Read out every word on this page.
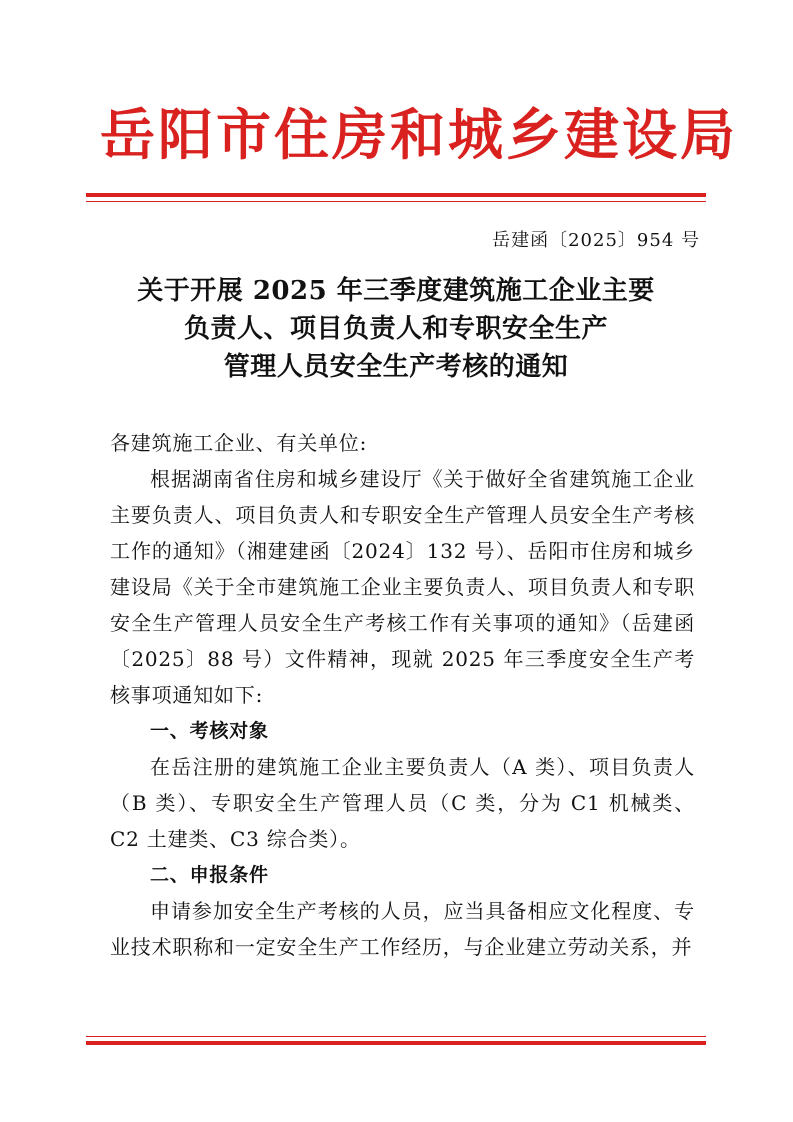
岳阳市住房和城乡建设局
岳建函〔2025〕954 号
关于开展 2025 年三季度建筑施工企业主要
负责人、项目负责人和专职安全生产
管理人员安全生产考核的通知

各建筑施工企业、有关单位:

根据湖南省住房和城乡建设厅《关于做好全省建筑施工企业主要负责人、项目负责人和专职安全生产管理人员安全生产考核工作的通知》（湘建建函〔2024〕132 号）、岳阳市住房和城乡建设局《关于全市建筑施工企业主要负责人、项目负责人和专职安全生产管理人员安全生产考核工作有关事项的通知》（岳建函〔2025〕88 号）文件精神，现就 2025 年三季度安全生产考核事项通知如下:

一、考核对象

在岳注册的建筑施工企业主要负责人（A 类）、项目负责人（B 类）、专职安全生产管理人员（C 类，分为 C1 机械类、C2 土建类、C3 综合类）。

二、申报条件

申请参加安全生产考核的人员，应当具备相应文化程度、专业技术职称和一定安全生产工作经历，与企业建立劳动关系，并
